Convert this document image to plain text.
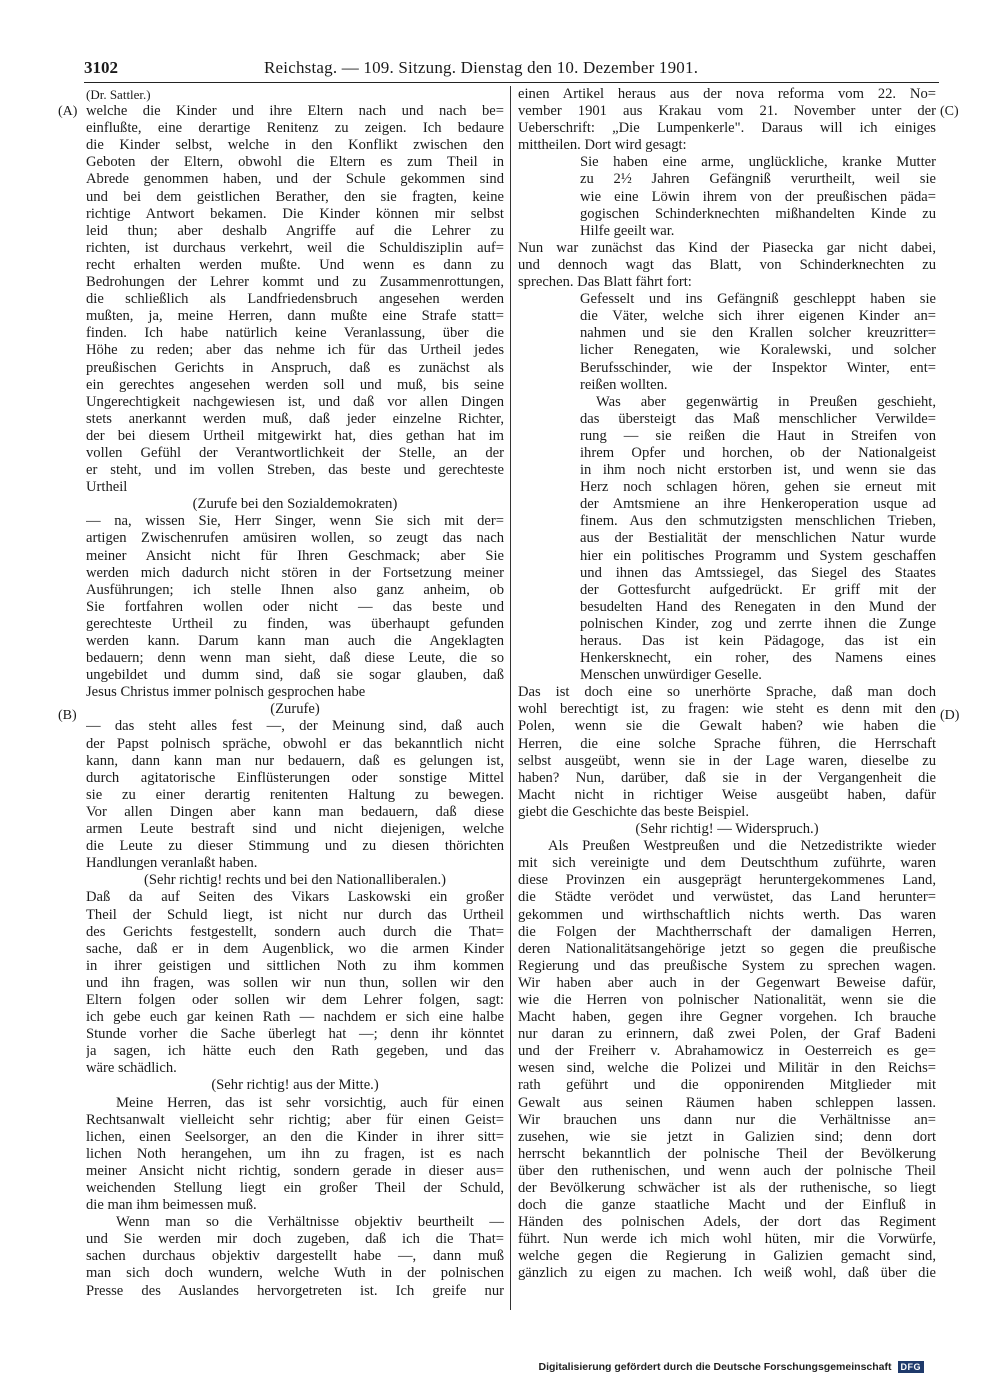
3102	Reichstag. — 109. Sitzung. Dienstag den 10. Dezember 1901.
(A)
(B)
(C)
(D)
(Dr. Sattler.)
welche die Kinder und ihre Eltern nach und nach be=
einflußte, eine derartige Renitenz zu zeigen. Ich bedaure
die Kinder selbst, welche in den Konflikt zwischen den
Geboten der Eltern, obwohl die Eltern es zum Theil in
Abrede genommen haben, und der Schule gekommen sind
und bei dem geistlichen Berather, den sie fragten, keine
richtige Antwort bekamen. Die Kinder können mir selbst
leid thun; aber deshalb Angriffe auf die Lehrer zu
richten, ist durchaus verkehrt, weil die Schuldisziplin auf=
recht erhalten werden mußte. Und wenn es dann zu
Bedrohungen der Lehrer kommt und zu Zusammenrottungen,
die schließlich als Landfriedensbruch angesehen werden
mußten, ja, meine Herren, dann mußte eine Strafe statt=
finden. Ich habe natürlich keine Veranlassung, über die
Höhe zu reden; aber das nehme ich für das Urtheil jedes
preußischen Gerichts in Anspruch, daß es zunächst als
ein gerechtes angesehen werden soll und muß, bis seine
Ungerechtigkeit nachgewiesen ist, und daß vor allen Dingen
stets anerkannt werden muß, daß jeder einzelne Richter,
der bei diesem Urtheil mitgewirkt hat, dies gethan hat im
vollen Gefühl der Verantwortlichkeit der Stelle, an der
er steht, und im vollen Streben, das beste und gerechteste
Urtheil
(Zurufe bei den Sozialdemokraten)
— na, wissen Sie, Herr Singer, wenn Sie sich mit der=
artigen Zwischenrufen amüsiren wollen, so zeugt das nach
meiner Ansicht nicht für Ihren Geschmack; aber Sie
werden mich dadurch nicht stören in der Fortsetzung meiner
Ausführungen; ich stelle Ihnen also ganz anheim, ob
Sie fortfahren wollen oder nicht — das beste und
gerechteste Urtheil zu finden, was überhaupt gefunden
werden kann. Darum kann man auch die Angeklagten
bedauern; denn wenn man sieht, daß diese Leute, die so
ungebildet und dumm sind, daß sie sogar glauben, daß
Jesus Christus immer polnisch gesprochen habe
(Zurufe)
— das steht alles fest —, der Meinung sind, daß auch
der Papst polnisch spräche, obwohl er das bekanntlich nicht
kann, dann kann man nur bedauern, daß es gelungen ist,
durch agitatorische Einflüsterungen oder sonstige Mittel
sie zu einer derartig renitenten Haltung zu bewegen.
Vor allen Dingen aber kann man bedauern, daß diese
armen Leute bestraft sind und nicht diejenigen, welche
die Leute zu dieser Stimmung und zu diesen thörichten
Handlungen veranlaßt haben.
(Sehr richtig! rechts und bei den Nationalliberalen.)
Daß da auf Seiten des Vikars Laskowski ein großer
Theil der Schuld liegt, ist nicht nur durch das Urtheil
des Gerichts festgestellt, sondern auch durch die That=
sache, daß er in dem Augenblick, wo die armen Kinder
in ihrer geistigen und sittlichen Noth zu ihm kommen
und ihn fragen, was sollen wir nun thun, sollen wir den
Eltern folgen oder sollen wir dem Lehrer folgen, sagt:
ich gebe euch gar keinen Rath — nachdem er sich eine halbe
Stunde vorher die Sache überlegt hat —; denn ihr könntet
ja sagen, ich hätte euch den Rath gegeben, und das
wäre schädlich.
(Sehr richtig! aus der Mitte.)
Meine Herren, das ist sehr vorsichtig, auch für einen
Rechtsanwalt vielleicht sehr richtig; aber für einen Geist=
lichen, einen Seelsorger, an den die Kinder in ihrer sitt=
lichen Noth herangehen, um ihn zu fragen, ist es nach
meiner Ansicht nicht richtig, sondern gerade in dieser aus=
weichenden Stellung liegt ein großer Theil der Schuld,
die man ihm beimessen muß.
Wenn man so die Verhältnisse objektiv beurtheilt —
und Sie werden mir doch zugeben, daß ich die That=
sachen durchaus objektiv dargestellt habe —, dann muß
man sich doch wundern, welche Wuth in der polnischen
Presse des Auslandes hervorgetreten ist. Ich greife nur
einen Artikel heraus aus der nova reforma vom 22. No=
vember 1901 aus Krakau vom 21. November unter der
Ueberschrift: „Die Lumpenkerle". Daraus will ich einiges
mittheilen. Dort wird gesagt:
Sie haben eine arme, unglückliche, kranke Mutter
zu 2½ Jahren Gefängniß verurtheilt, weil sie
wie eine Löwin ihrem von der preußischen päda=
gogischen Schinderknechten mißhandelten Kinde zu
Hilfe geeilt war.
Nun war zunächst das Kind der Piasecka gar nicht dabei,
und dennoch wagt das Blatt, von Schinderknechten zu
sprechen. Das Blatt fährt fort:
Gefesselt und ins Gefängniß geschleppt haben sie
die Väter, welche sich ihrer eigenen Kinder an=
nahmen und sie den Krallen solcher kreuzritter=
licher Renegaten, wie Koralewski, und solcher
Berufsschinder, wie der Inspektor Winter, ent=
reißen wollten.
Was aber gegenwärtig in Preußen geschieht,
das übersteigt das Maß menschlicher Verwilde=
rung — sie reißen die Haut in Streifen von
ihrem Opfer und horchen, ob der Nationalgeist
in ihm noch nicht erstorben ist, und wenn sie das
Herz noch schlagen hören, gehen sie erneut mit
der Amtsmiene an ihre Henkeroperation usque ad
finem. Aus den schmutzigsten menschlichen Trieben,
aus der Bestialität der menschlichen Natur wurde
hier ein politisches Programm und System geschaffen
und ihnen das Amtssiegel, das Siegel des Staates
der Gottesfurcht aufgedrückt. Er griff mit der
besudelten Hand des Renegaten in den Mund der
polnischen Kinder, zog und zerrte ihnen die Zunge
heraus. Das ist kein Pädagoge, das ist ein
Henkersknecht, ein roher, des Namens eines
Menschen unwürdiger Geselle.
Das ist doch eine so unerhörte Sprache, daß man doch
wohl berechtigt ist, zu fragen: wie steht es denn mit den
Polen, wenn sie die Gewalt haben? wie haben die
Herren, die eine solche Sprache führen, die Herrschaft
selbst ausgeübt, wenn sie in der Lage waren, dieselbe zu
haben? Nun, darüber, daß sie in der Vergangenheit die
Macht nicht in richtiger Weise ausgeübt haben, dafür
giebt die Geschichte das beste Beispiel.
(Sehr richtig! — Widerspruch.)
Als Preußen Westpreußen und die Netzedistrikte wieder
mit sich vereinigte und dem Deutschthum zuführte, waren
diese Provinzen ein ausgeprägt heruntergekommenes Land,
die Städte verödet und verwüstet, das Land herunter=
gekommen und wirthschaftlich nichts werth. Das waren
die Folgen der Machtherrschaft der damaligen Herren,
deren Nationalitätsangehörige jetzt so gegen die preußische
Regierung und das preußische System zu sprechen wagen.
Wir haben aber auch in der Gegenwart Beweise dafür,
wie die Herren von polnischer Nationalität, wenn sie die
Macht haben, gegen ihre Gegner vorgehen. Ich brauche
nur daran zu erinnern, daß zwei Polen, der Graf Badeni
und der Freiherr v. Abrahamowicz in Oesterreich es ge=
wesen sind, welche die Polizei und Militär in den Reichs=
rath geführt und die opponirenden Mitglieder mit
Gewalt aus seinen Räumen haben schleppen lassen.
Wir brauchen uns dann nur die Verhältnisse an=
zusehen, wie sie jetzt in Galizien sind; denn dort
herrscht bekanntlich der polnische Theil der Bevölkerung
über den ruthenischen, und wenn auch der polnische Theil
der Bevölkerung schwächer ist als der ruthenische, so liegt
doch die ganze staatliche Macht und der Einfluß in
Händen des polnischen Adels, der dort das Regiment
führt. Nun werde ich mich wohl hüten, mir die Vorwürfe,
welche gegen die Regierung in Galizien gemacht sind,
gänzlich zu eigen zu machen. Ich weiß wohl, daß über die
Digitalisierung gefördert durch die Deutsche Forschungsgemeinschaft	DFG
